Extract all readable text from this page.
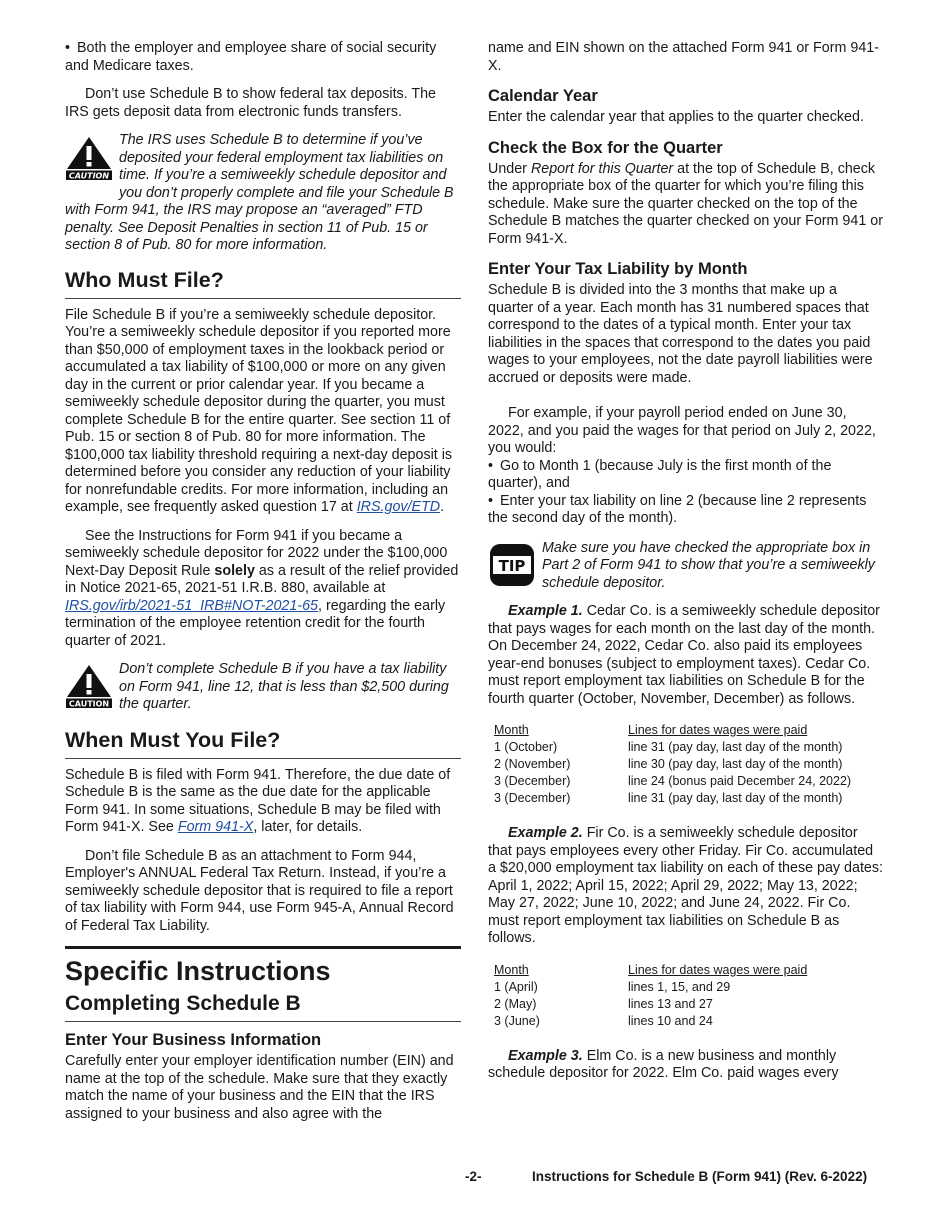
• Both the employer and employee share of social security and Medicare taxes.

Don’t use Schedule B to show federal tax deposits. The IRS gets deposit data from electronic funds transfers.

CAUTION
The IRS uses Schedule B to determine if you’ve deposited your federal employment tax liabilities on time. If you’re a semiweekly schedule depositor and you don’t properly complete and file your Schedule B with Form 941, the IRS may propose an “averaged” FTD penalty. See Deposit Penalties in section 11 of Pub. 15 or section 8 of Pub. 80 for more information.
Who Must File?

File Schedule B if you’re a semiweekly schedule depositor. You’re a semiweekly schedule depositor if you reported more than $50,000 of employment taxes in the lookback period or accumulated a tax liability of $100,000 or more on any given day in the current or prior calendar year. If you became a semiweekly schedule depositor during the quarter, you must complete Schedule B for the entire quarter. See section 11 of Pub. 15 or section 8 of Pub. 80 for more information. The $100,000 tax liability threshold requiring a next-day deposit is determined before you consider any reduction of your liability for nonrefundable credits. For more information, including an example, see frequently asked question 17 at IRS.gov/ETD.

See the Instructions for Form 941 if you became a semiweekly schedule depositor for 2022 under the $100,000 Next-Day Deposit Rule solely as a result of the relief provided in Notice 2021-65, 2021-51 I.R.B. 880, available at IRS.gov/irb/2021-51_IRB#NOT-2021-65, regarding the early termination of the employee retention credit for the fourth quarter of 2021.

CAUTION
Don’t complete Schedule B if you have a tax liability on Form 941, line 12, that is less than $2,500 during the quarter.
When Must You File?

Schedule B is filed with Form 941. Therefore, the due date of Schedule B is the same as the due date for the applicable Form 941. In some situations, Schedule B may be filed with Form 941-X. See Form 941-X, later, for details.

Don’t file Schedule B as an attachment to Form 944, Employer's ANNUAL Federal Tax Return. Instead, if you’re a semiweekly schedule depositor that is required to file a report of tax liability with Form 944, use Form 945-A, Annual Record of Federal Tax Liability.

Specific Instructions
Completing Schedule B
Enter Your Business Information

Carefully enter your employer identification number (EIN) and name at the top of the schedule. Make sure that they exactly match the name of your business and the EIN that the IRS assigned to your business and also agree with the

name and EIN shown on the attached Form 941 or Form 941-X.

Calendar Year

Enter the calendar year that applies to the quarter checked.

Check the Box for the Quarter

Under Report for this Quarter at the top of Schedule B, check the appropriate box of the quarter for which you’re filing this schedule. Make sure the quarter checked on the top of the Schedule B matches the quarter checked on your Form 941 or Form 941-X.

Enter Your Tax Liability by Month

Schedule B is divided into the 3 months that make up a quarter of a year. Each month has 31 numbered spaces that correspond to the dates of a typical month. Enter your tax liabilities in the spaces that correspond to the dates you paid wages to your employees, not the date payroll liabilities were accrued or deposits were made.

For example, if your payroll period ended on June 30, 2022, and you paid the wages for that period on July 2, 2022, you would:

• Go to Month 1 (because July is the first month of the quarter), and

• Enter your tax liability on line 2 (because line 2 represents the second day of the month).

TIP
Make sure you have checked the appropriate box in Part 2 of Form 941 to show that you’re a semiweekly schedule depositor.

Example 1. Cedar Co. is a semiweekly schedule depositor that pays wages for each month on the last day of the month. On December 24, 2022, Cedar Co. also paid its employees year-end bonuses (subject to employment taxes). Cedar Co. must report employment tax liabilities on Schedule B for the fourth quarter (October, November, December) as follows.

Month	Lines for dates wages were paid
1 (October)	line 31 (pay day, last day of the month)
2 (November)	line 30 (pay day, last day of the month)
3 (December)	line 24 (bonus paid December 24, 2022)
3 (December)	line 31 (pay day, last day of the month)

Example 2. Fir Co. is a semiweekly schedule depositor that pays employees every other Friday. Fir Co. accumulated a $20,000 employment tax liability on each of these pay dates: April 1, 2022; April 15, 2022; April 29, 2022; May 13, 2022; May 27, 2022; June 10, 2022; and June 24, 2022. Fir Co. must report employment tax liabilities on Schedule B as follows.

Month	Lines for dates wages were paid
1 (April)	lines 1, 15, and 29
2 (May)	lines 13 and 27
3 (June)	lines 10 and 24

Example 3. Elm Co. is a new business and monthly schedule depositor for 2022. Elm Co. paid wages every

-2-	Instructions for Schedule B (Form 941) (Rev. 6-2022)
